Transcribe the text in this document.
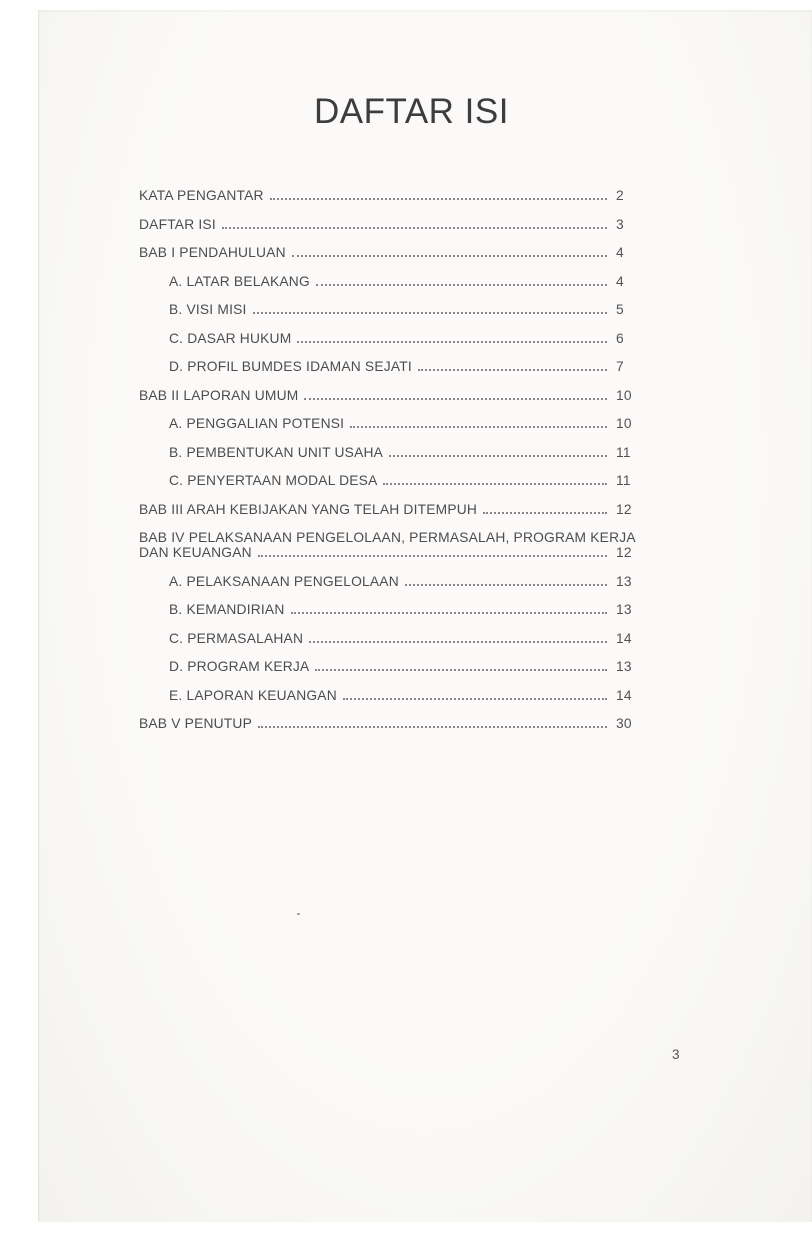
DAFTAR ISI
KATA PENGANTAR	2
DAFTAR ISI	3
BAB I PENDAHULUAN	4
A. LATAR BELAKANG	4
B. VISI MISI	5
C. DASAR HUKUM	6
D. PROFIL BUMDES IDAMAN SEJATI	7
BAB II LAPORAN UMUM	10
A. PENGGALIAN POTENSI	10
B. PEMBENTUKAN UNIT USAHA	11
C. PENYERTAAN MODAL DESA	11
BAB III ARAH KEBIJAKAN YANG TELAH DITEMPUH	12
BAB IV PELAKSANAAN PENGELOLAAN, PERMASALAH, PROGRAM KERJA
DAN KEUANGAN	12
A. PELAKSANAAN PENGELOLAAN	13
B. KEMANDIRIAN	13
C. PERMASALAHAN	14
D. PROGRAM KERJA	13
E. LAPORAN KEUANGAN	14
BAB V PENUTUP	30
3
